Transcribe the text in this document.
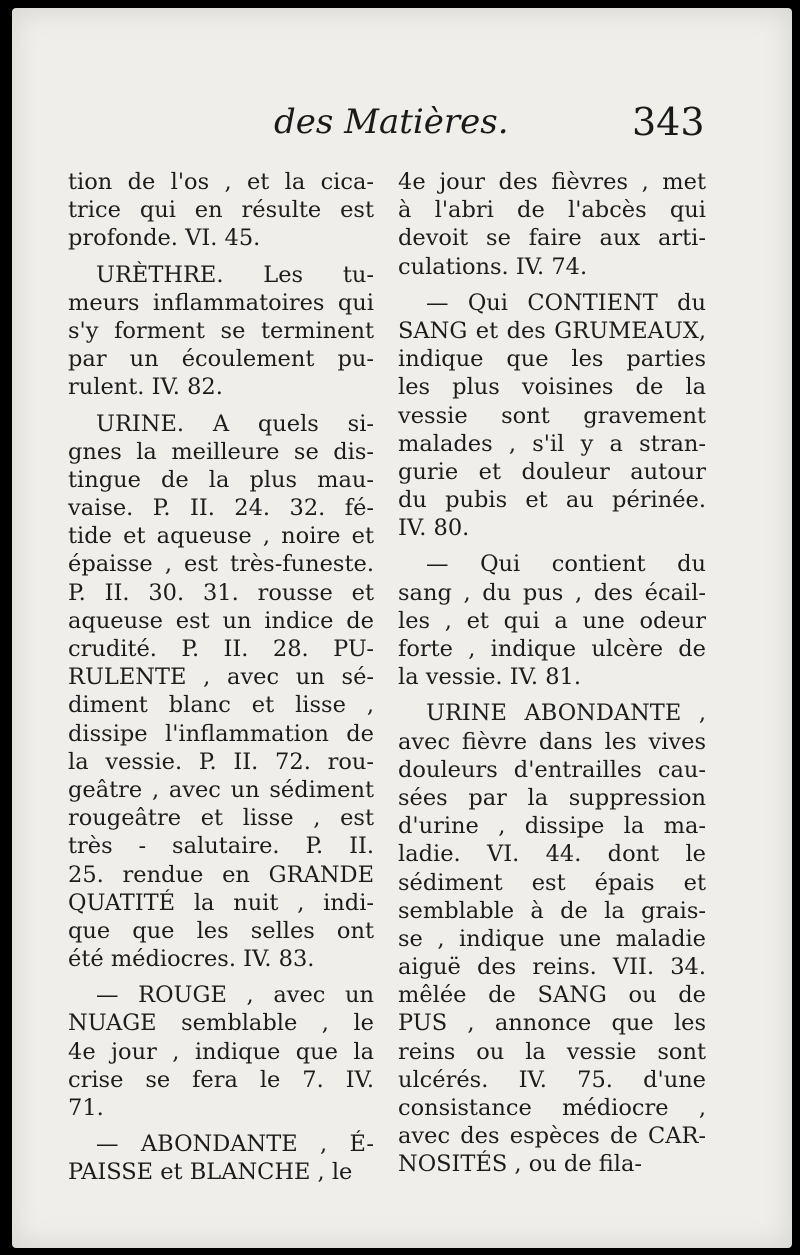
des Matières.	343
tion de l'os , et la cica-
trice qui en résulte est
profonde. VI. 45.
URÈTHRE. Les tu-
meurs inflammatoires qui
s'y forment se terminent
par un écoulement pu-
rulent. IV. 82.
URINE. A quels si-
gnes la meilleure se dis-
tingue de la plus mau-
vaise. P. II. 24. 32. fé-
tide et aqueuse , noire et
épaisse , est très-funeste.
P. II. 30. 31. rousse et
aqueuse est un indice de
crudité. P. II. 28. PU-
RULENTE , avec un sé-
diment blanc et lisse ,
dissipe l'inflammation de
la vessie. P. II. 72. rou-
geâtre , avec un sédiment
rougeâtre et lisse , est
très - salutaire. P. II.
25. rendue en GRANDE
QUATITÉ la nuit , indi-
que que les selles ont
été médiocres. IV. 83.
— ROUGE , avec un
NUAGE semblable , le
4e jour , indique que la
crise se fera le 7. IV.
71.
— ABONDANTE , É-
PAISSE et BLANCHE , le
4e jour des fièvres , met
à l'abri de l'abcès qui
devoit se faire aux arti-
culations. IV. 74.
— Qui CONTIENT du
SANG et des GRUMEAUX,
indique que les parties
les plus voisines de la
vessie sont gravement
malades , s'il y a stran-
gurie et douleur autour
du pubis et au périnée.
IV. 80.
— Qui contient du
sang , du pus , des écail-
les , et qui a une odeur
forte , indique ulcère de
la vessie. IV. 81.
URINE ABONDANTE ,
avec fièvre dans les vives
douleurs d'entrailles cau-
sées par la suppression
d'urine , dissipe la ma-
ladie. VI. 44. dont le
sédiment est épais et
semblable à de la grais-
se , indique une maladie
aiguë des reins. VII. 34.
mêlée de SANG ou de
PUS , annonce que les
reins ou la vessie sont
ulcérés. IV. 75. d'une
consistance médiocre ,
avec des espèces de CAR-
NOSITÉS , ou de fila-
